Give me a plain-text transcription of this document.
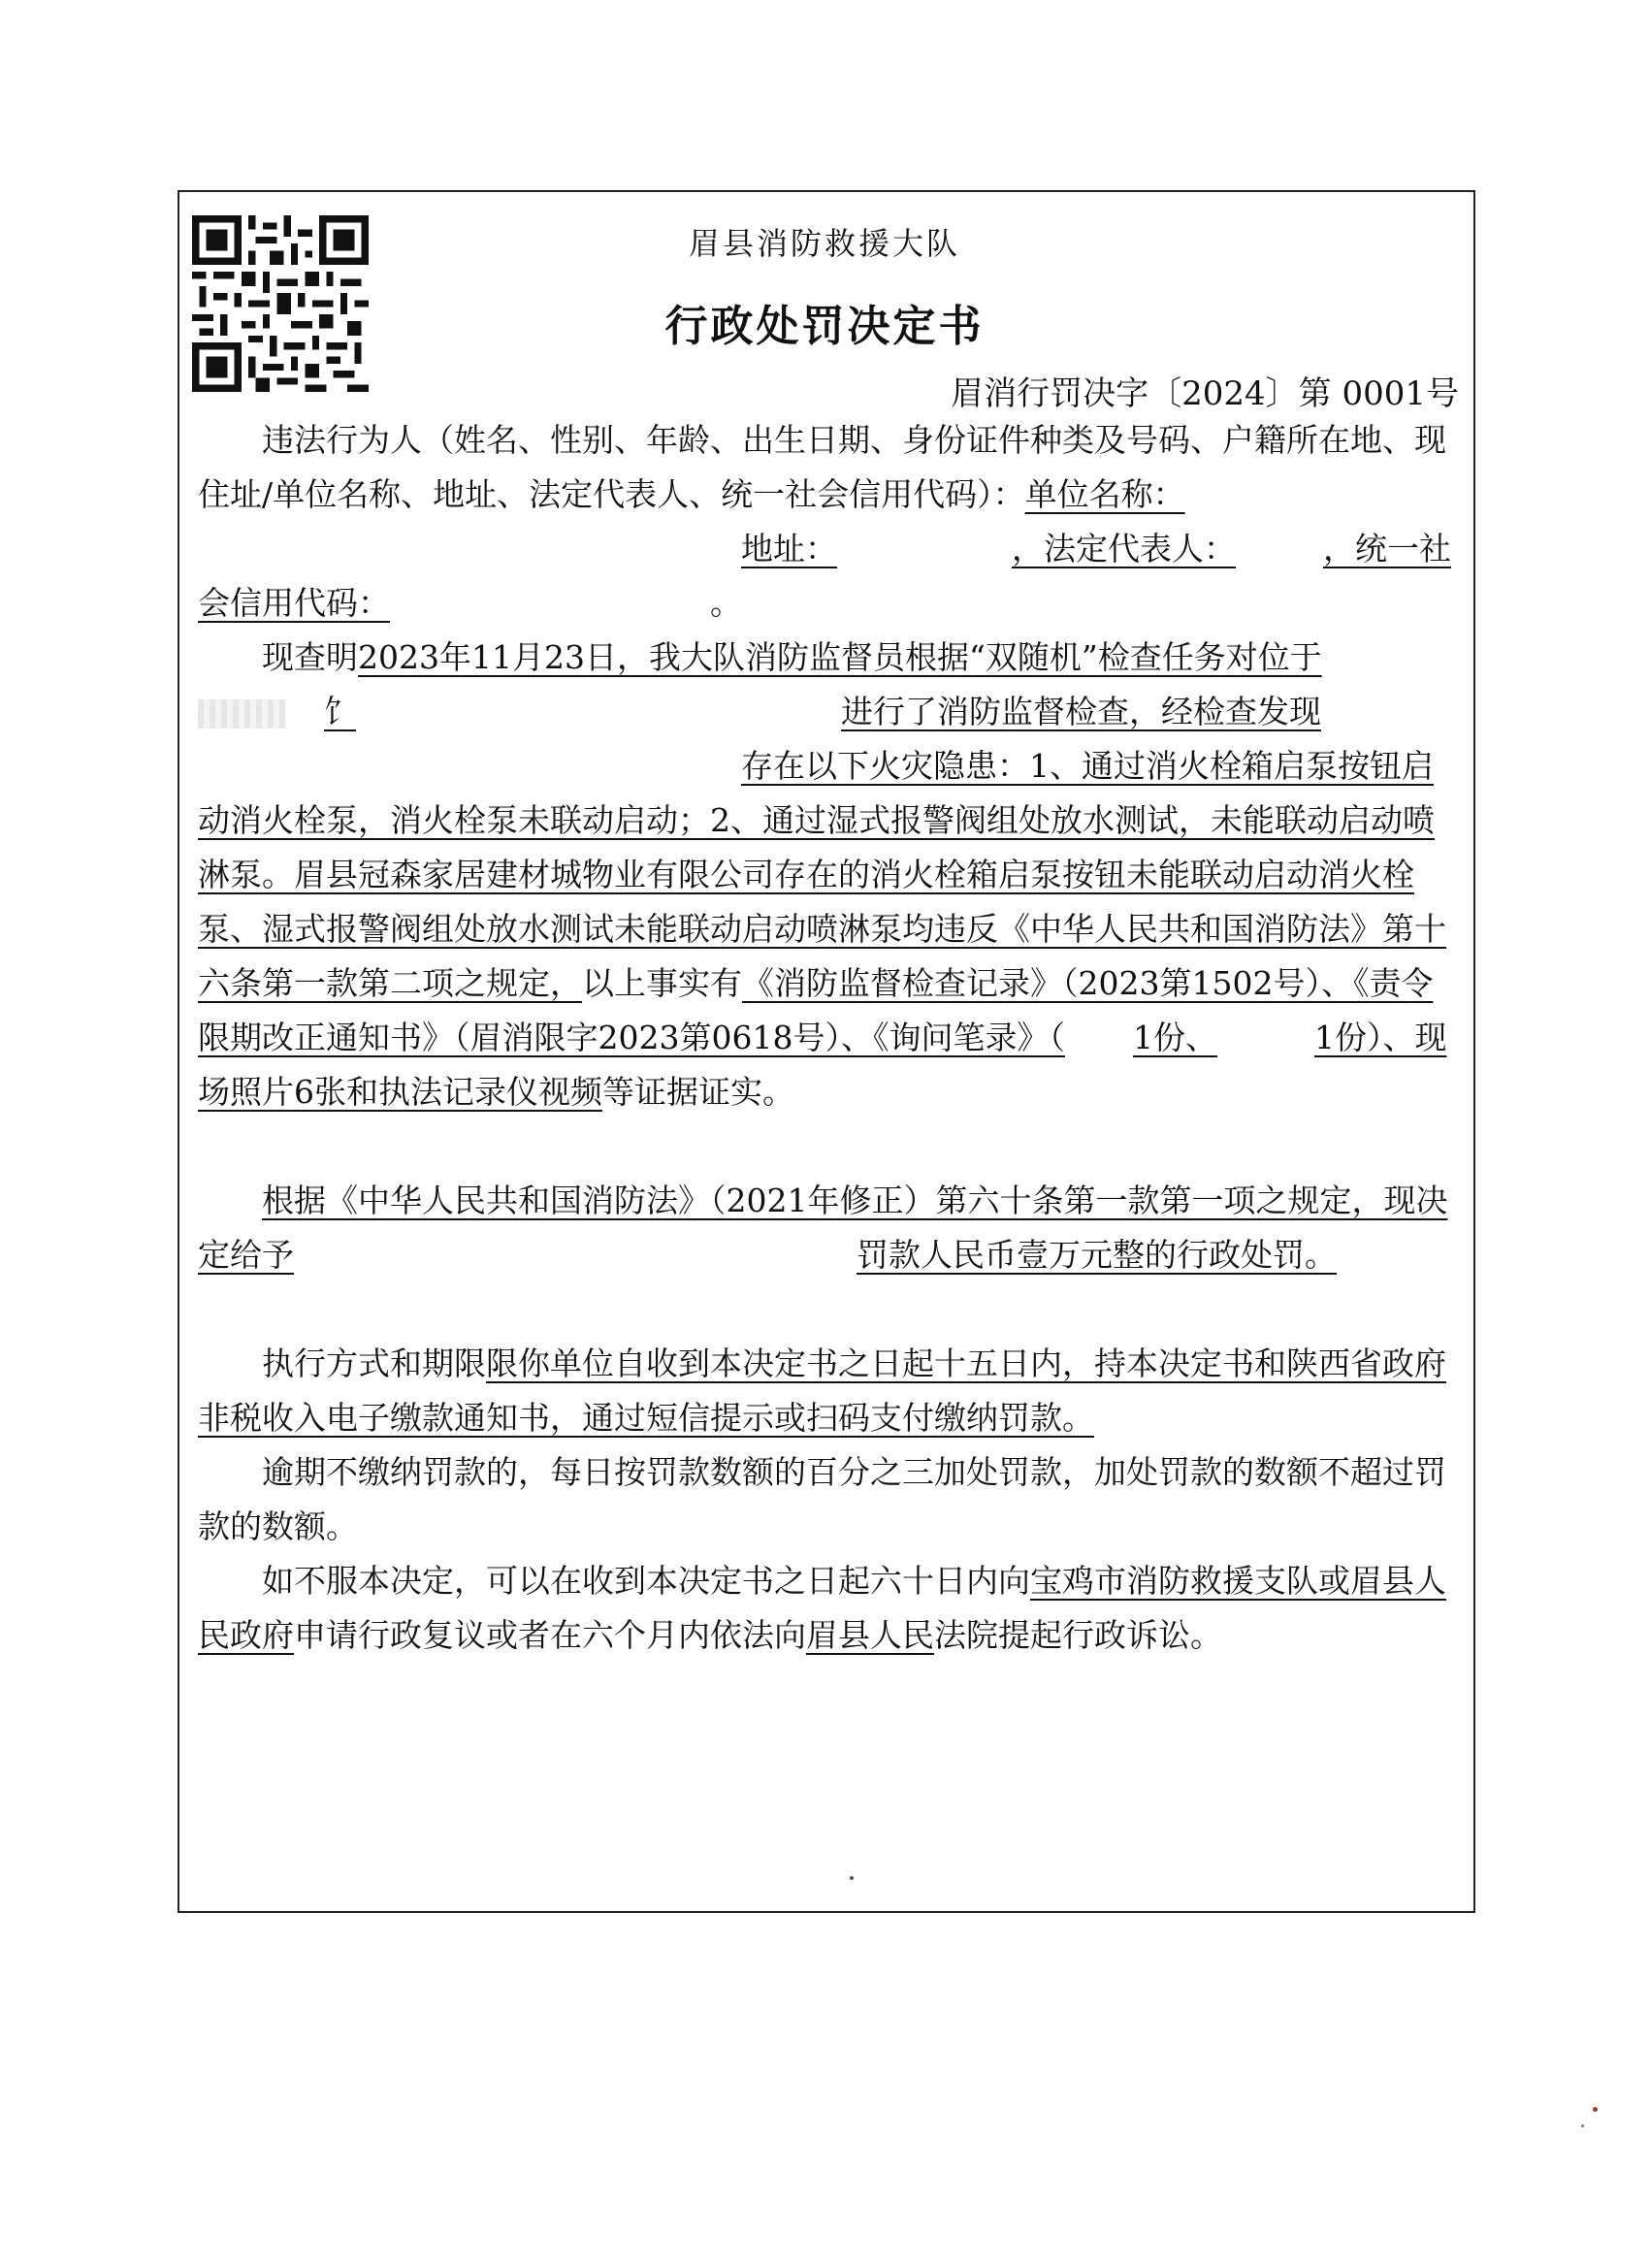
眉县消防救援大队
行政处罚决定书
眉消行罚决字〔2024〕第 0001号
违法行为人（姓名、性别、年龄、出生日期、身份证件种类及号码、户籍所在地、现住址/单位名称、地址、法定代表人、统一社会信用代码）：单位名称：地址：	，法定代表人：	，统一社会信用代码：	。
现查明2023年11月23日，我大队消防监督员根据“双随机”检查任务对位于饣	进行了消防监督检查，经检查发现存在以下火灾隐患：1、通过消火栓箱启泵按钮启动消火栓泵，消火栓泵未联动启动；2、通过湿式报警阀组处放水测试，未能联动启动喷淋泵。眉县冠森家居建材城物业有限公司存在的消火栓箱启泵按钮未能联动启动消火栓泵、湿式报警阀组处放水测试未能联动启动喷淋泵均违反《中华人民共和国消防法》第十六条第一款第二项之规定，以上事实有《消防监督检查记录》（2023第1502号）、《责令限期改正通知书》（眉消限字2023第0618号）、《询问笔录》（ 1份、	1份）、现场照片6张和执法记录仪视频等证据证实。
根据《中华人民共和国消防法》（2021年修正）第六十条第一款第一项之规定，现决定给予	罚款人民币壹万元整的行政处罚。
执行方式和期限限你单位自收到本决定书之日起十五日内，持本决定书和陕西省政府非税收入电子缴款通知书，通过短信提示或扫码支付缴纳罚款。
逾期不缴纳罚款的，每日按罚款数额的百分之三加处罚款，加处罚款的数额不超过罚款的数额。
如不服本决定，可以在收到本决定书之日起六十日内向宝鸡市消防救援支队或眉县人民政府申请行政复议或者在六个月内依法向眉县人民法院提起行政诉讼。
